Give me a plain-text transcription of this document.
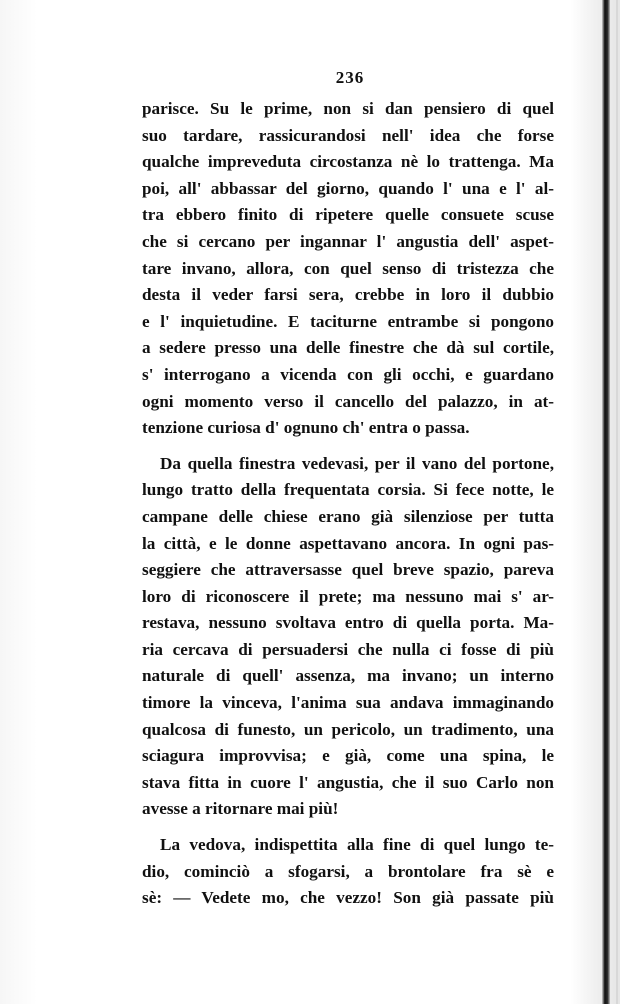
236
parisce. Su le prime, non si dan pensiero di quel
suo tardare, rassicurandosi nell' idea che forse
qualche impreveduta circostanza nè lo trattenga. Ma
poi, all' abbassar del giorno, quando l' una e l' al-
tra ebbero finito di ripetere quelle consuete scuse
che si cercano per ingannar l' angustia dell' aspet-
tare invano, allora, con quel senso di tristezza che
desta il veder farsi sera, crebbe in loro il dubbio
e l' inquietudine. E taciturne entrambe si pongono
a sedere presso una delle finestre che dà sul cortile,
s' interrogano a vicenda con gli occhi, e guardano
ogni momento verso il cancello del palazzo, in at-
tenzione curiosa d' ognuno ch' entra o passa.
Da quella finestra vedevasi, per il vano del portone,
lungo tratto della frequentata corsia. Si fece notte, le
campane delle chiese erano già silenziose per tutta
la città, e le donne aspettavano ancora. In ogni pas-
seggiere che attraversasse quel breve spazio, pareva
loro di riconoscere il prete; ma nessuno mai s' ar-
restava, nessuno svoltava entro di quella porta. Ma-
ria cercava di persuadersi che nulla ci fosse di più
naturale di quell' assenza, ma invano; un interno
timore la vinceva, l'anima sua andava immaginando
qualcosa di funesto, un pericolo, un tradimento, una
sciagura improvvisa; e già, come una spina, le
stava fitta in cuore l' angustia, che il suo Carlo non
avesse a ritornare mai più!
La vedova, indispettita alla fine di quel lungo te-
dio, cominciò a sfogarsi, a brontolare fra sè e
sè: — Vedete mo, che vezzo! Son già passate più
